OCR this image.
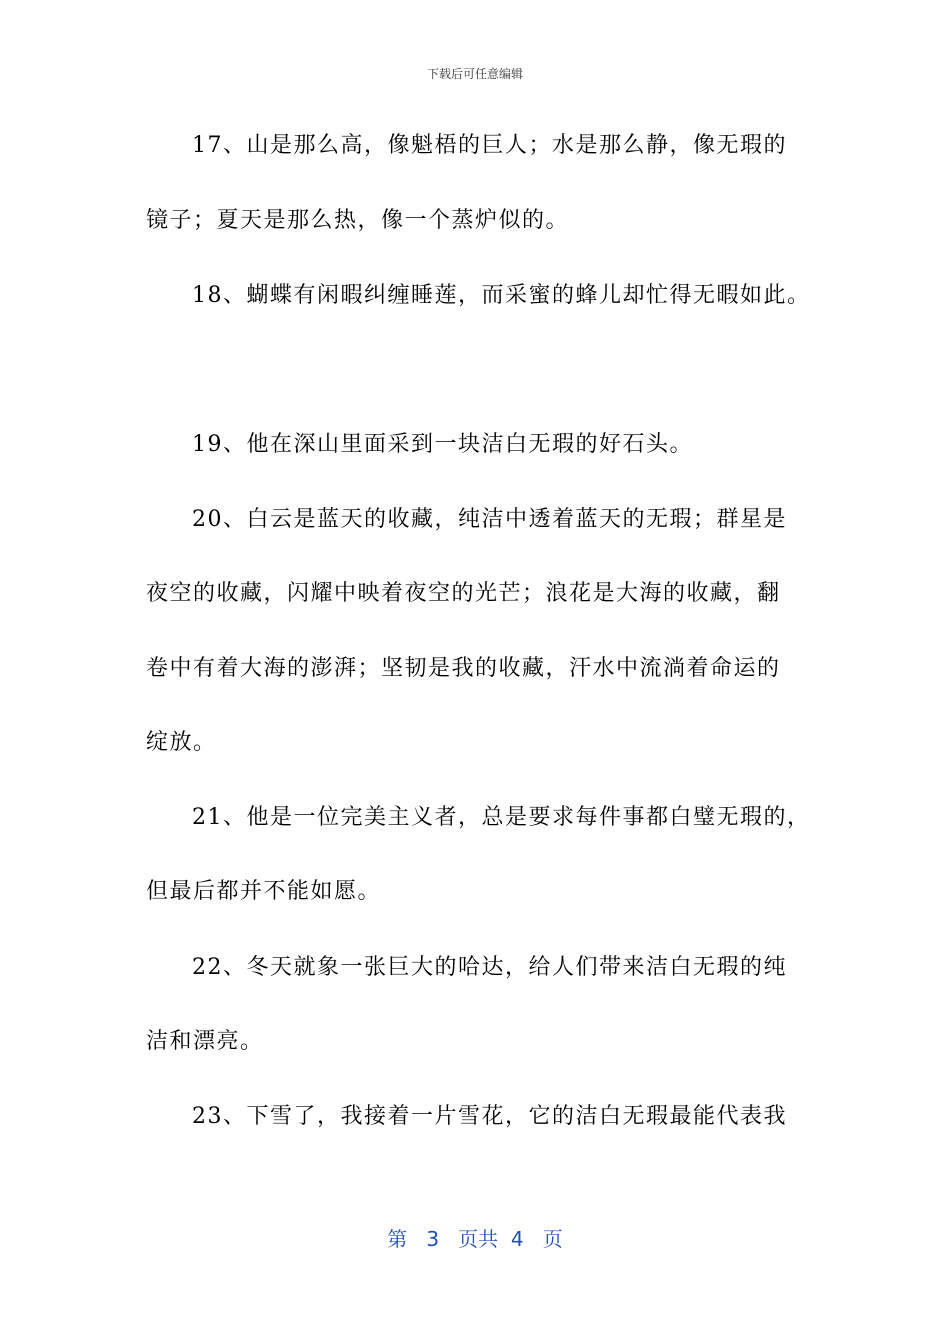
下载后可任意编辑
17、山是那么高，像魁梧的巨人；水是那么静，像无瑕的
镜子；夏天是那么热，像一个蒸炉似的。
18、蝴蝶有闲暇纠缠睡莲，而采蜜的蜂儿却忙得无暇如此。
19、他在深山里面采到一块洁白无瑕的好石头。
20、白云是蓝天的收藏，纯洁中透着蓝天的无瑕；群星是
夜空的收藏，闪耀中映着夜空的光芒；浪花是大海的收藏，翻
卷中有着大海的澎湃；坚韧是我的收藏，汗水中流淌着命运的
绽放。
21、他是一位完美主义者，总是要求每件事都白璧无瑕的，
但最后都并不能如愿。
22、冬天就象一张巨大的哈达，给人们带来洁白无瑕的纯
洁和漂亮。
23、下雪了，我接着一片雪花，它的洁白无瑕最能代表我
第 3 页共 4 页
